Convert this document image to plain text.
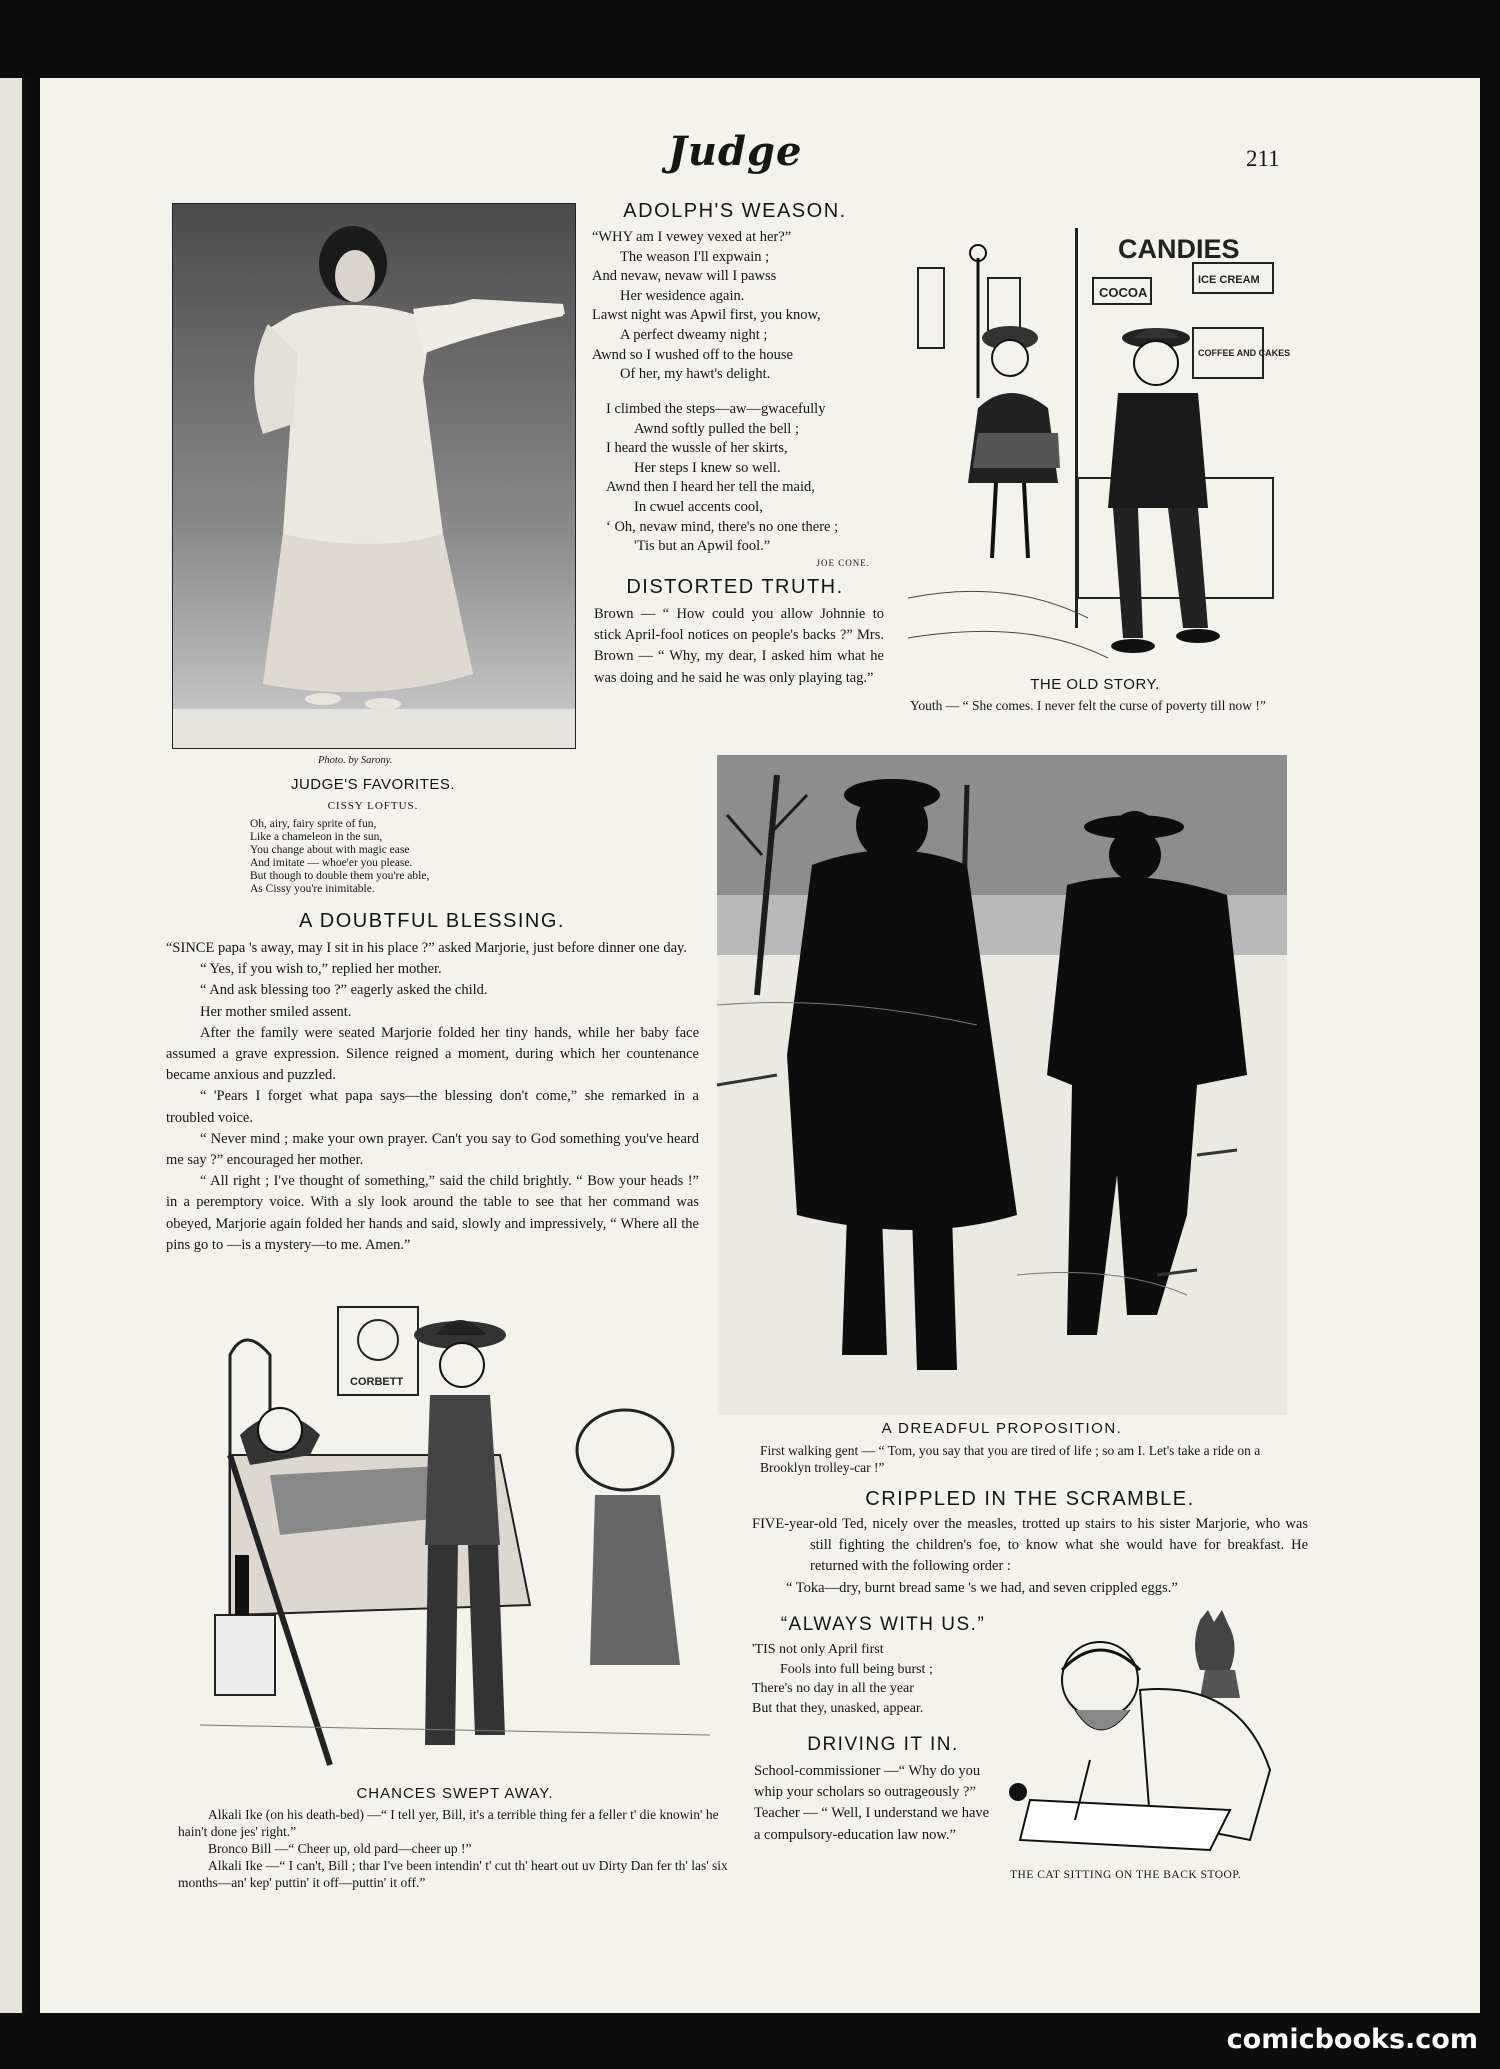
Judge	211
Photo. by Sarony.
JUDGE'S FAVORITES.
CISSY LOFTUS.
Oh, airy, fairy sprite of fun,
Like a chameleon in the sun,
You change about with magic ease
And imitate — whoe'er you please.
But though to double them you're able,
As Cissy you're inimitable.
ADOLPH'S WEASON.
“WHY am I vewey vexed at her?”
The weason I'll expwain ;
And nevaw, nevaw will I pawss
Her wesidence again.
Lawst night was Apwil first, you know,
A perfect dweamy night ;
Awnd so I wushed off to the house
Of her, my hawt's delight.
I climbed the steps—aw—gwacefully
Awnd softly pulled the bell ;
I heard the wussle of her skirts,
Her steps I knew so well.
Awnd then I heard her tell the maid,
In cwuel accents cool,
‘ Oh, nevaw mind, there's no one there ;
'Tis but an Apwil fool.”
JOE CONE.
DISTORTED TRUTH.
Brown — “ How could you allow Johnnie to stick April-fool notices on people's backs ?” Mrs. Brown — “ Why, my dear, I asked him what he was doing and he said he was only playing tag.”
CANDIES
COCOA
ICE CREAM
COFFEE AND CAKES
THE OLD STORY.
Youth — “ She comes. I never felt the curse of poverty till now !”
A DREADFUL PROPOSITION.
First walking gent — “ Tom, you say that you are tired of life ; so am I. Let's take a ride on a Brooklyn trolley-car !”
A DOUBTFUL BLESSING.

“SINCE papa 's away, may I sit in his place ?” asked Marjorie, just before dinner one day.

“ Yes, if you wish to,” replied her mother.

“ And ask blessing too ?” eagerly asked the child.

Her mother smiled assent.

After the family were seated Marjorie folded her tiny hands, while her baby face assumed a grave expression. Silence reigned a moment, during which her countenance became anxious and puzzled.

“ 'Pears I forget what papa says—the blessing don't come,” she remarked in a troubled voice.

“ Never mind ; make your own prayer. Can't you say to God something you've heard me say ?” encouraged her mother.

“ All right ; I've thought of something,” said the child brightly. “ Bow your heads !” in a peremptory voice. With a sly look around the table to see that her command was obeyed, Marjorie again folded her hands and said, slowly and impressively, “ Where all the pins go to —is a mystery—to me. Amen.”

CORBETT
CHANCES SWEPT AWAY.
Alkali Ike (on his death-bed) —“ I tell yer, Bill, it's a terrible thing fer a feller t' die knowin' he hain't done jes' right.”
Bronco Bill —“ Cheer up, old pard—cheer up !”
Alkali Ike —“ I can't, Bill ; thar I've been intendin' t' cut th' heart out uv Dirty Dan fer th' las' six months—an' kep' puttin' it off—puttin' it off.”
CRIPPLED IN THE SCRAMBLE.

FIVE-year-old Ted, nicely over the measles, trotted up stairs to his sister Marjorie, who was still fighting the children's foe, to know what she would have for breakfast. He returned with the following order :

“ Toka—dry, burnt bread same 's we had, and seven crippled eggs.”

“ALWAYS WITH US.”
'TIS not only April first
Fools into full being burst ;
There's no day in all the year
But that they, unasked, appear.
DRIVING IT IN.
School-commissioner —“ Why do you whip your scholars so outrageously ?” Teacher — “ Well, I understand we have a compulsory-education law now.”
THE CAT SITTING ON THE BACK STOOP.
comicbooks.com
